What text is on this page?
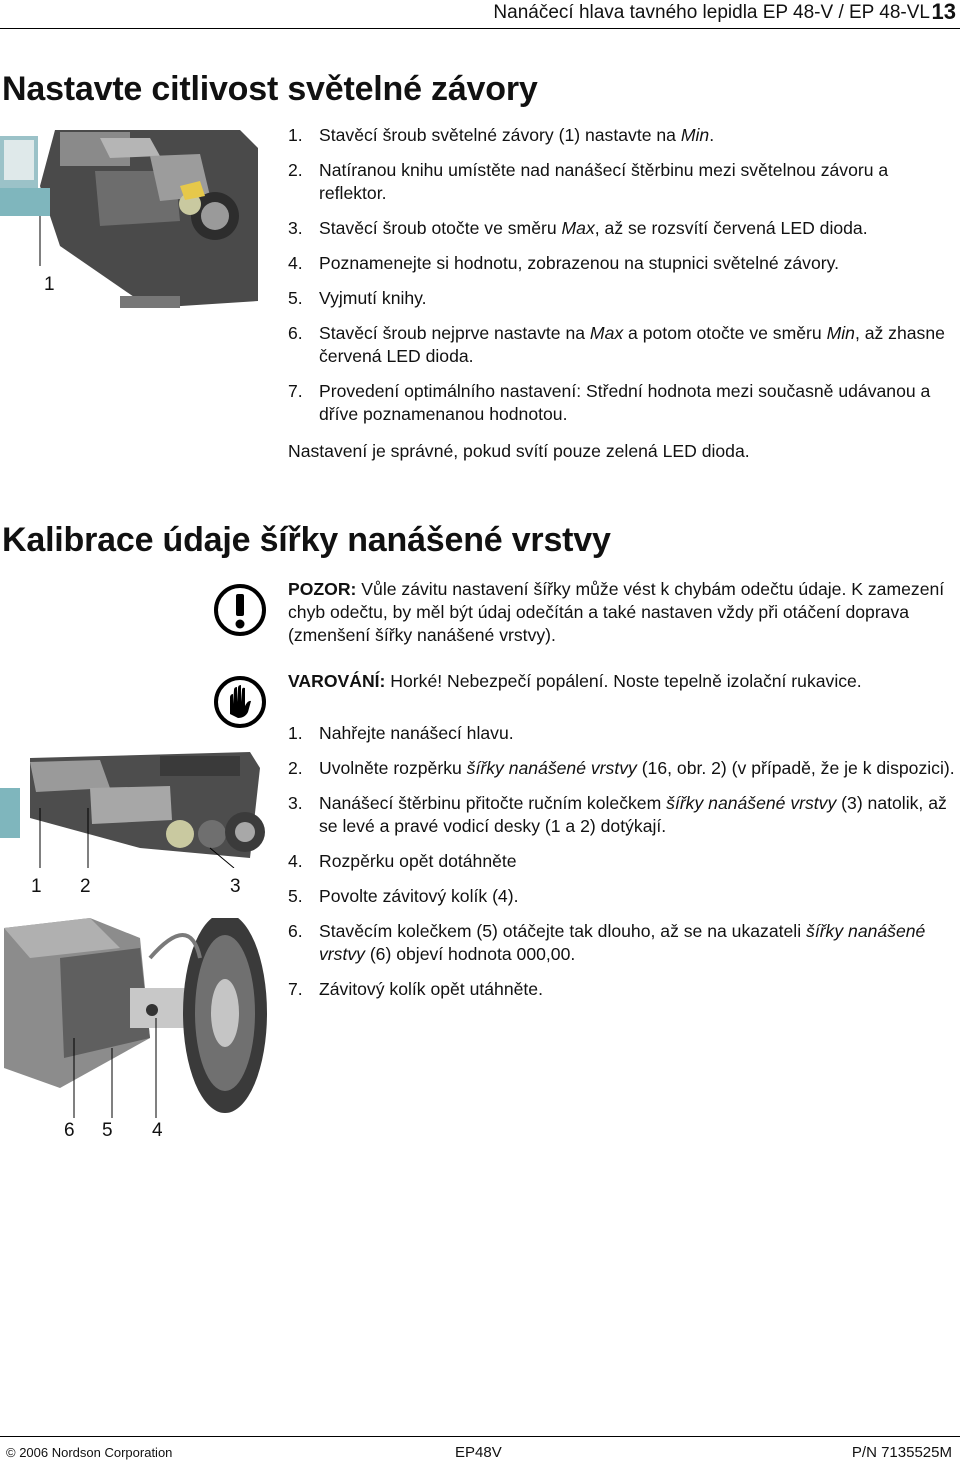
Nanáčecí hlava tavného lepidla EP 48-V / EP 48-VL 13
Nastavte citlivost světelné závory
1
1. Stavěcí šroub světelné závory (1) nastavte na Min.
2. Natíranou knihu umístěte nad nanášecí štěrbinu mezi světelnou závoru a reflektor.
3. Stavěcí šroub otočte ve směru Max, až se rozsvítí červená LED dioda.
4. Poznamenejte si hodnotu, zobrazenou na stupnici světelné závory.
5. Vyjmutí knihy.
6. Stavěcí šroub nejprve nastavte na Max a potom otočte ve směru Min, až zhasne červená LED dioda.
7. Provedení optimálního nastavení: Střední hodnota mezi současně udávanou a dříve poznamenanou hodnotou.
Nastavení je správné, pokud svítí pouze zelená LED dioda.
Kalibrace údaje šířky nanášené vrstvy
POZOR: Vůle závitu nastavení šířky může vést k chybám odečtu údaje. K zamezení chyb odečtu, by měl být údaj odečítán a také nastaven vždy při otáčení doprava (zmenšení šířky nanášené vrstvy).
VAROVÁNÍ: Horké! Nebezpečí popálení. Noste tepelně izolační rukavice.
1 2	3
6 5 4
1. Nahřejte nanášecí hlavu.
2. Uvolněte rozpěrku šířky nanášené vrstvy (16, obr. 2) (v případě, že je k dispozici).
3. Nanášecí štěrbinu přitočte ručním kolečkem šířky nanášené vrstvy (3) natolik, až se levé a pravé vodicí desky (1 a 2) dotýkají.
4. Rozpěrku opět dotáhněte
5. Povolte závitový kolík (4).
6. Stavěcím kolečkem (5) otáčejte tak dlouho, až se na ukazateli šířky nanášené vrstvy (6) objeví hodnota 000,00.
7. Závitový kolík opět utáhněte.
© 2006 Nordson Corporation	EP48V	P/N 7135525M
